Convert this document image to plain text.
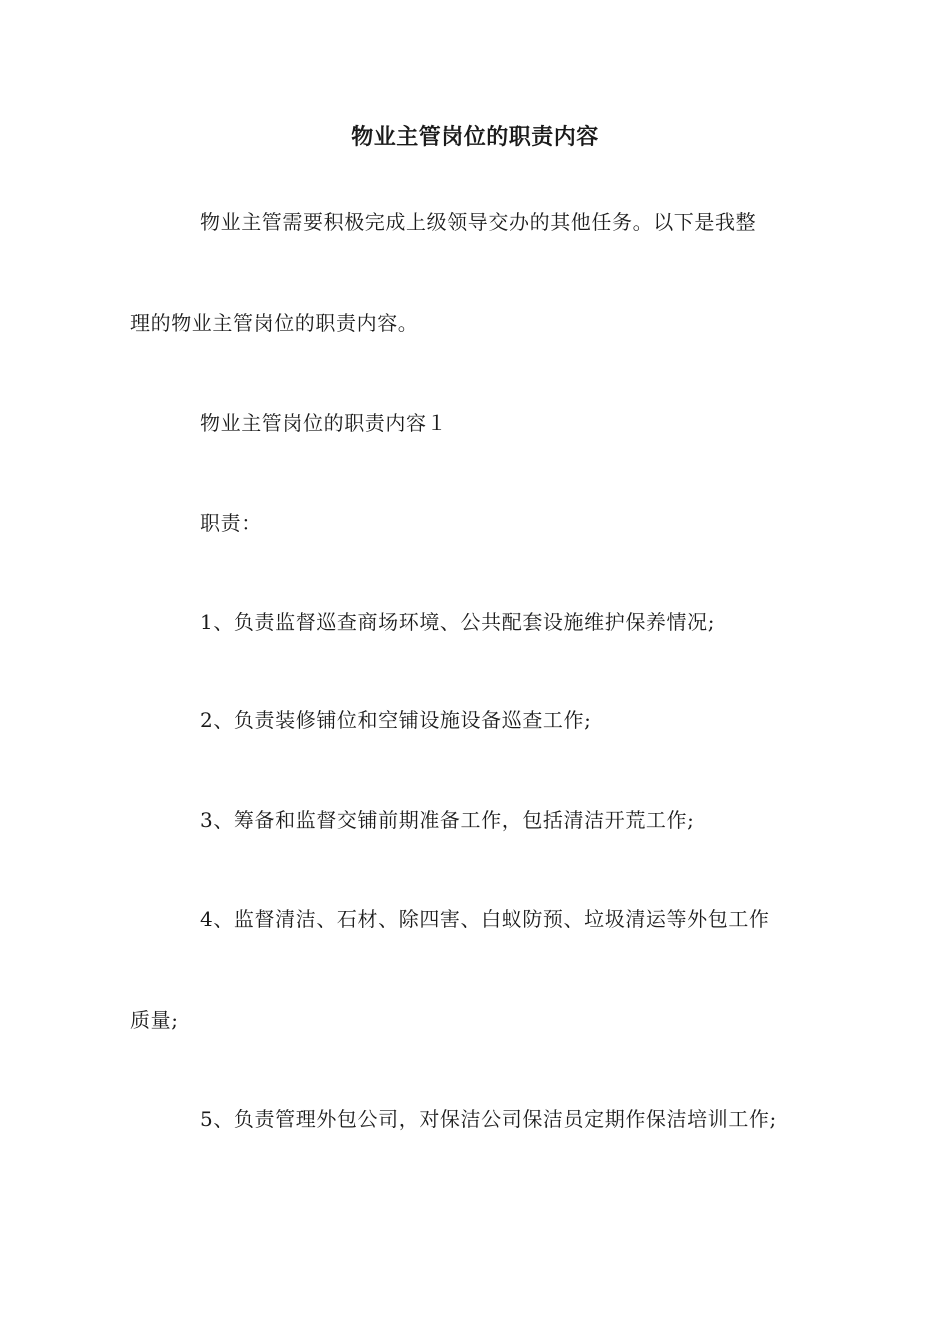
物业主管岗位的职责内容
物业主管需要积极完成上级领导交办的其他任务。以下是我整
理的物业主管岗位的职责内容。
物业主管岗位的职责内容１
职责：
1、负责监督巡查商场环境、公共配套设施维护保养情况;
2、负责装修铺位和空铺设施设备巡查工作;
3、筹备和监督交铺前期准备工作，包括清洁开荒工作;
4、监督清洁、石材、除四害、白蚁防预、垃圾清运等外包工作
质量;
5、负责管理外包公司，对保洁公司保洁员定期作保洁培训工作;
